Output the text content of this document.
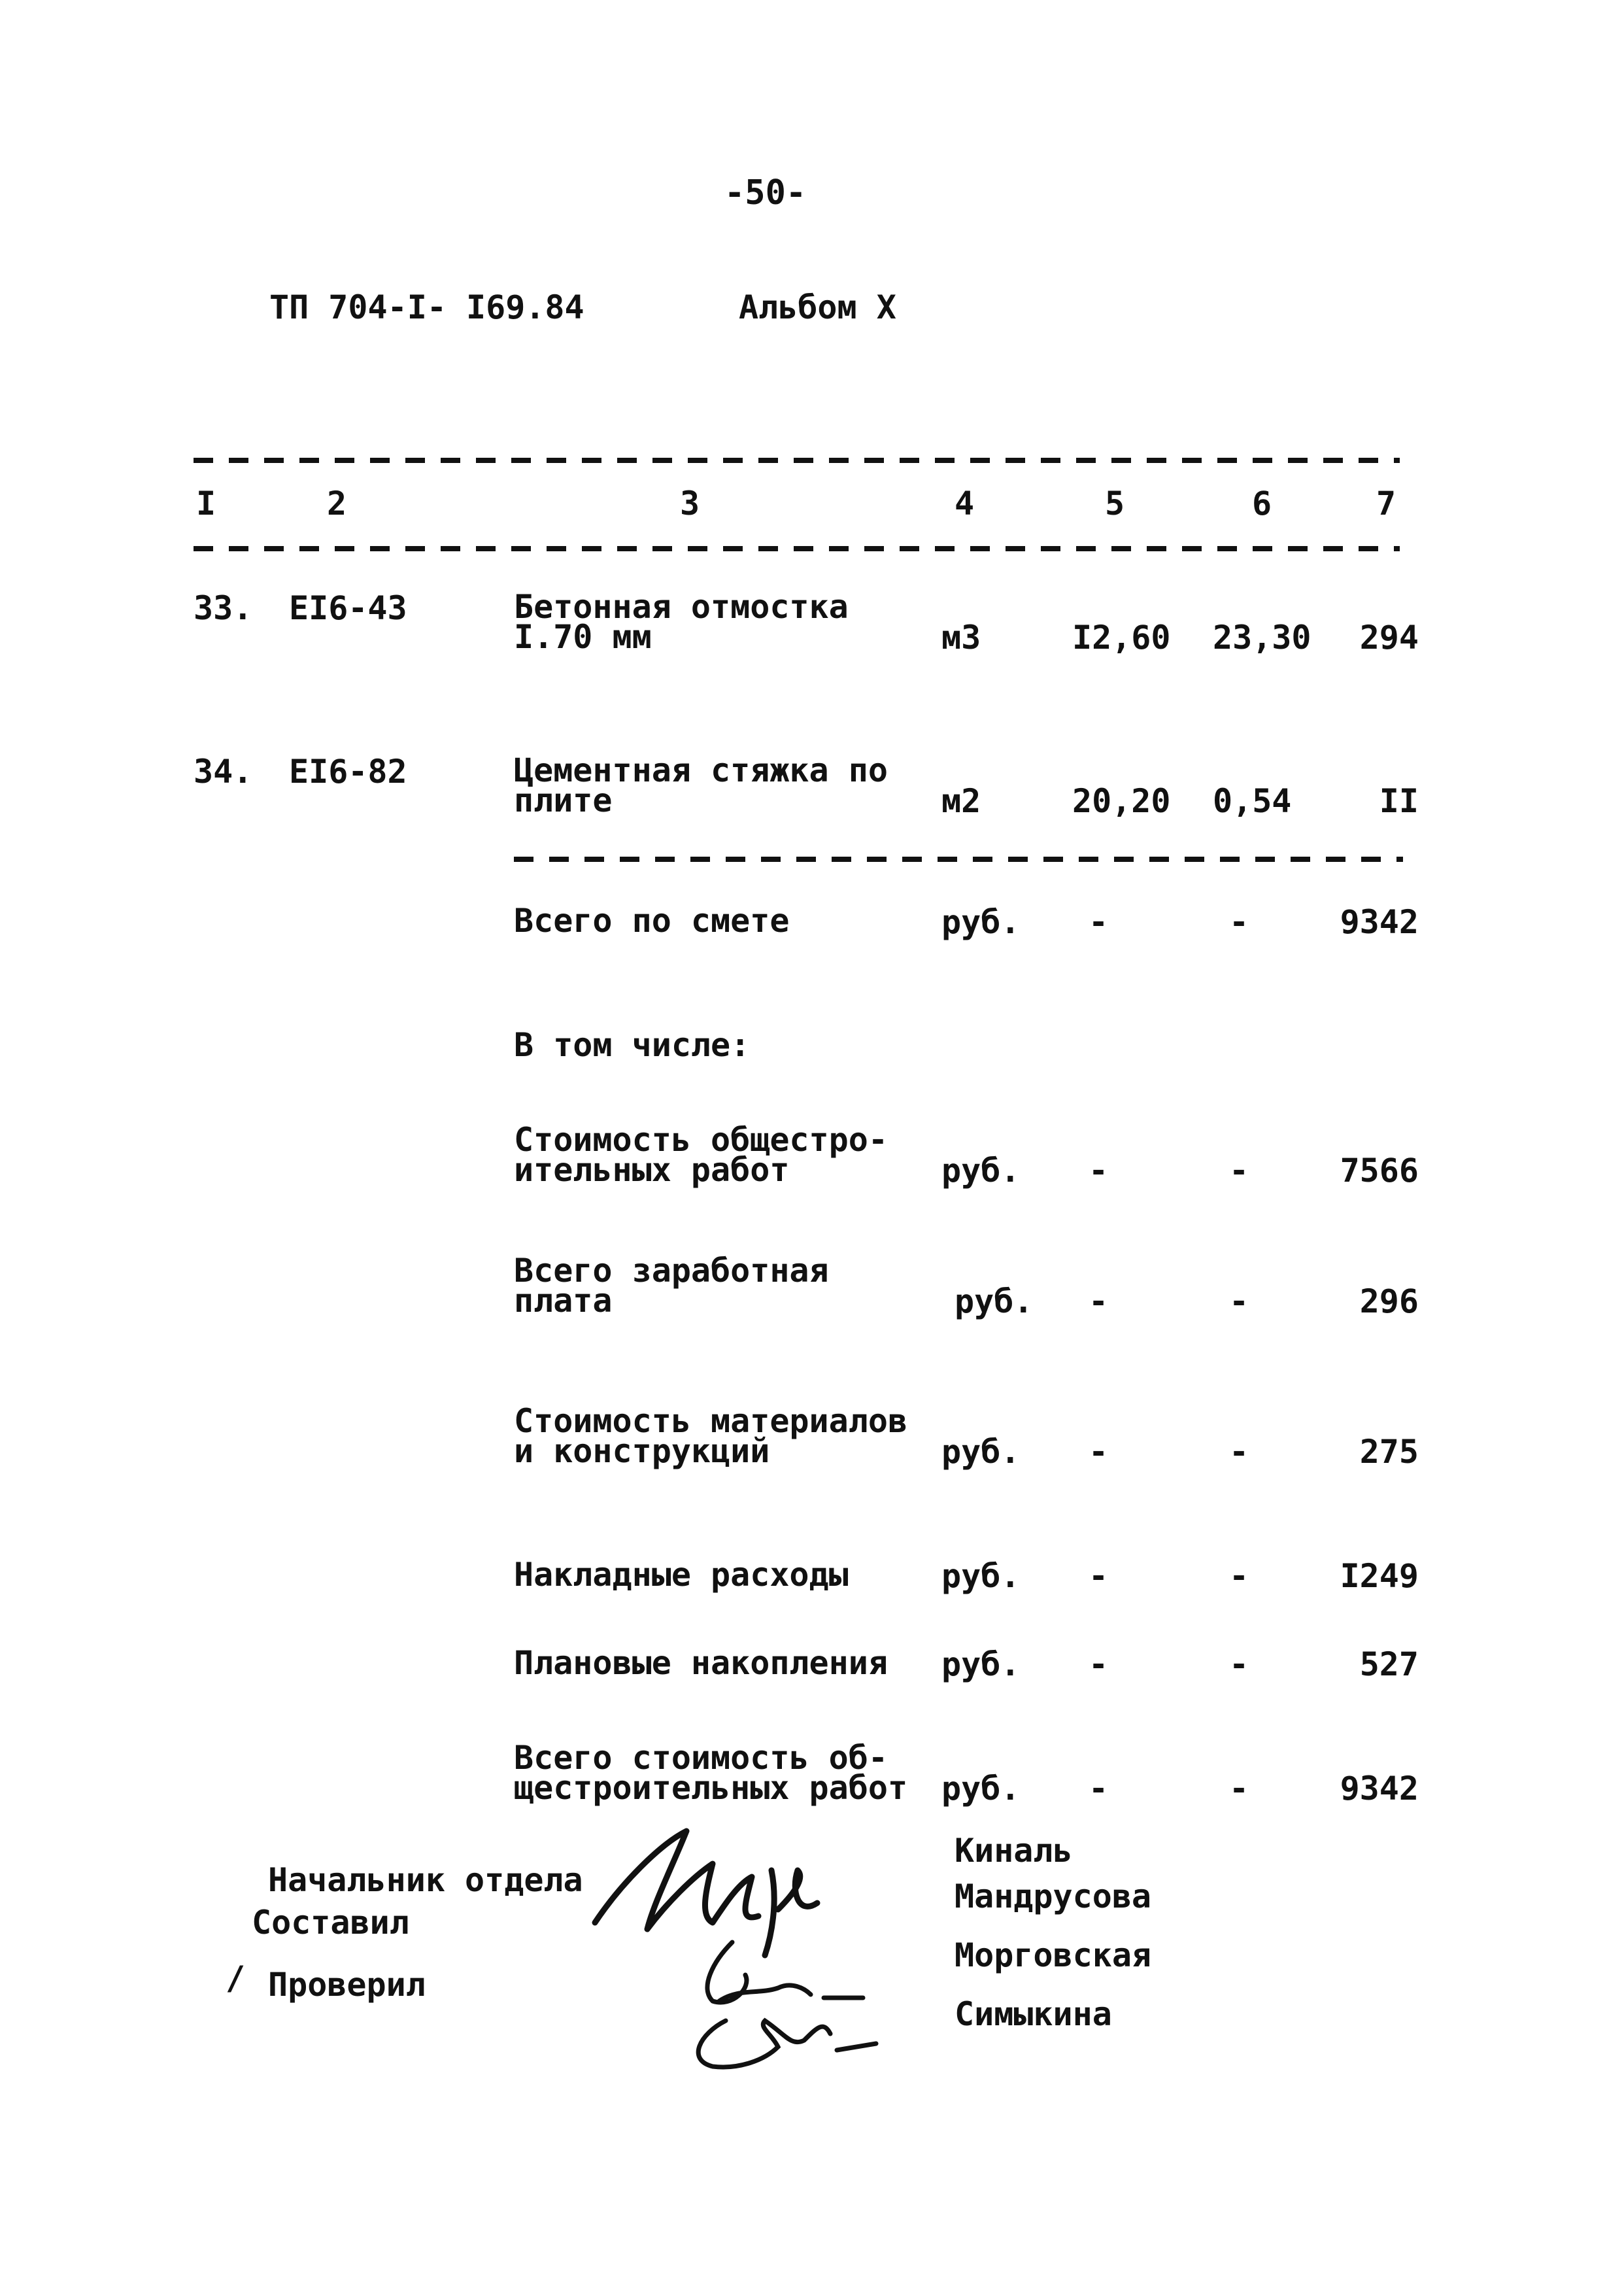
-50-
ТП 704-I- I69.84	Альбом X
I	2	3	4	5	6	7
33. EI6-43	Бетонная отмостка
I.70 мм	м3	I2,60 23,30	294
34. EI6-82	Цементная стяжка по
плите	м2	20,20 0,54	II
Всего по смете	руб. -	-	9342
В том числе:
Стоимость общестро-
ительных работ	руб. -	-	7566
Всего заработная
плата	руб. -	-	296
Стоимость материалов
и конструкций	руб. -	-	275
Накладные расходы	руб. -	-	I249
Плановые накопления руб. -	-	527
Всего стоимость об-
щестроительных работ руб. -	-	9342
Начальник отдела
Составил
/ Проверил
Киналь
Мандрусова
Морговская
Симыкина
